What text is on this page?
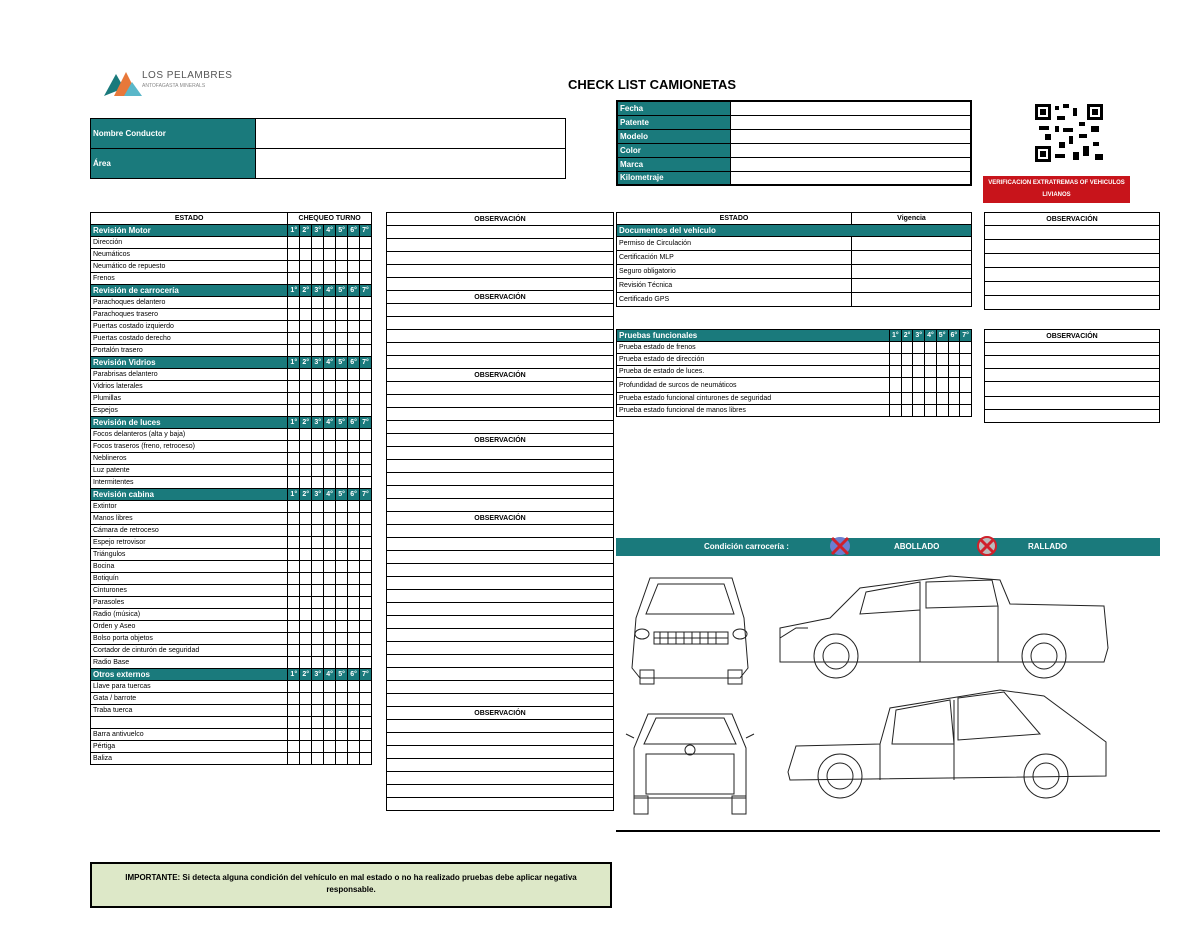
LOS PELAMBRES
ANTOFAGASTA MINERALS	CHECK LIST CAMIONETAS
Nombre Conductor	
Área	
Fecha	
Patente	
Modelo	
Color	
Marca	
Kilometraje	
VERIFICACION EXTRATREMAS OF VEHICULOS LIVIANOS
ESTADO	CHEQUEO TURNO						
Revisión Motor	1°	2°	3°	4°	5°	6°	7°
Dirección							
Neumáticos							
Neumático de repuesto							
Frenos							
Revisión de carrocería	1°	2°	3°	4°	5°	6°	7°
Parachoques delantero							
Parachoques trasero							
Puertas costado izquierdo							
Puertas costado derecho							
Portalón trasero							
Revisión Vidrios	1°	2°	3°	4°	5°	6°	7°
Parabrisas delantero							
Vidrios laterales							
Plumillas							
Espejos							
Revisión de luces	1°	2°	3°	4°	5°	6°	7°
Focos delanteros (alta y baja)							
Focos traseros (freno, retroceso)							
Neblineros							
Luz patente							
Intermitentes							
Revisión cabina	1°	2°	3°	4°	5°	6°	7°
Extintor							
Manos libres							
Cámara de retroceso							
Espejo retrovisor							
Triángulos							
Bocina							
Botiquín							
Cinturones							
Parasoles							
Radio (música)							
Orden y Aseo							
Bolso porta objetos							
Cortador de cinturón de seguridad							
Radio Base							
Otros externos	1°	2°	3°	4°	5°	6°	7°
Llave para tuercas							
Gata / barrote							
Traba tuerca							

Barra antivuelco							
Pértiga							
Baliza							
OBSERVACIÓN

OBSERVACIÓN

OBSERVACIÓN

OBSERVACIÓN

OBSERVACIÓN

OBSERVACIÓN

ESTADO	Vigencia
Documentos del vehículo	
Permiso de Circulación	
Certificación MLP	
Seguro obligatorio	
Revisión Técnica	
Certificado GPS	
OBSERVACIÓN

Pruebas funcionales	1°	2°	3°	4°	5°	6°	7°
Prueba estado de frenos							
Prueba estado de dirección							
Prueba de estado de luces.							
Profundidad de surcos de neumáticos							
Prueba estado funcional cinturones de seguridad							
Prueba estado funcional de manos libres							
OBSERVACIÓN

Condición carrocería :	ABOLLADO	RALLADO
IMPORTANTE: Si detecta alguna condición del vehículo en mal estado o no ha realizado pruebas debe aplicar negativa responsable.
